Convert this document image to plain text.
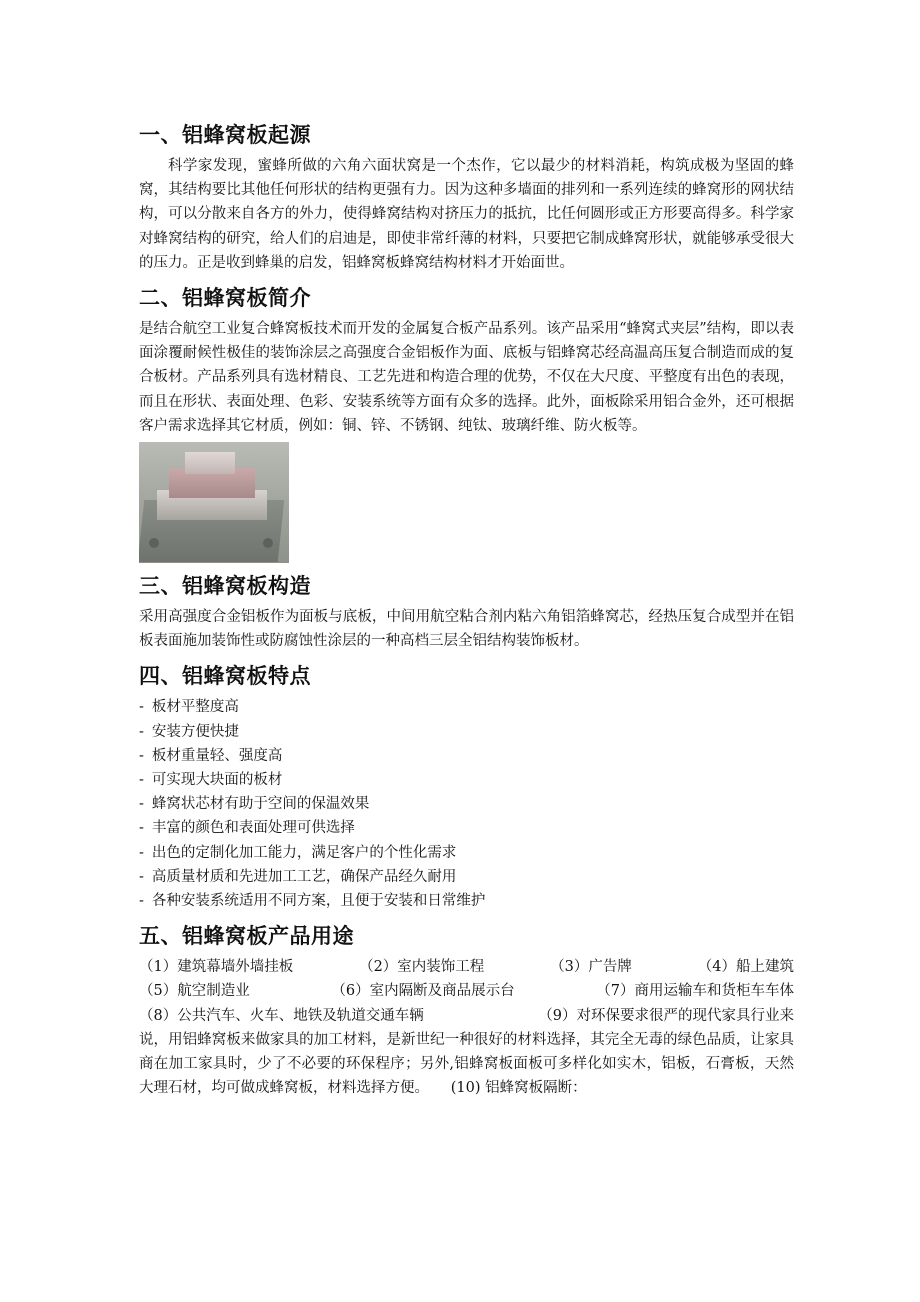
一、铝蜂窝板起源

科学家发现，蜜蜂所做的六角六面状窝是一个杰作，它以最少的材料消耗，构筑成极为坚固的蜂窝，其结构要比其他任何形状的结构更强有力。因为这种多墙面的排列和一系列连续的蜂窝形的网状结构，可以分散来自各方的外力，使得蜂窝结构对挤压力的抵抗，比任何圆形或正方形要高得多。科学家对蜂窝结构的研究，给人们的启迪是，即使非常纤薄的材料，只要把它制成蜂窝形状，就能够承受很大的压力。正是收到蜂巢的启发，铝蜂窝板蜂窝结构材料才开始面世。

二、铝蜂窝板简介

是结合航空工业复合蜂窝板技术而开发的金属复合板产品系列。该产品采用“蜂窝式夹层”结构，即以表面涂覆耐候性极佳的装饰涂层之高强度合金铝板作为面、底板与铝蜂窝芯经高温高压复合制造而成的复合板材。产品系列具有选材精良、工艺先进和构造合理的优势，不仅在大尺度、平整度有出色的表现，而且在形状、表面处理、色彩、安装系统等方面有众多的选择。此外，面板除采用铝合金外，还可根据客户需求选择其它材质，例如：铜、锌、不锈钢、纯钛、玻璃纤维、防火板等。

三、铝蜂窝板构造

采用高强度合金铝板作为面板与底板，中间用航空粘合剂内粘六角铝箔蜂窝芯，经热压复合成型并在铝板表面施加装饰性或防腐蚀性涂层的一种高档三层全铝结构装饰板材。

四、铝蜂窝板特点
- 板材平整度高
- 安装方便快捷
- 板材重量轻、强度高
- 可实现大块面的板材
- 蜂窝状芯材有助于空间的保温效果
- 丰富的颜色和表面处理可供选择
- 出色的定制化加工能力，满足客户的个性化需求
- 高质量材质和先进加工工艺，确保产品经久耐用
- 各种安装系统适用不同方案，且便于安装和日常维护
五、铝蜂窝板产品用途
（1）建筑幕墙外墙挂板	（2）室内装饰工程	（3）广告牌	（4）船上建筑
（5）航空制造业	（6）室内隔断及商品展示台	（7）商用运输车和货柜车车体
（8）公共汽车、火车、地铁及轨道交通车辆	（9）对环保要求很严的现代家具行业来

说，用铝蜂窝板来做家具的加工材料，是新世纪一种很好的材料选择，其完全无毒的绿色品质，让家具商在加工家具时，少了不必要的环保程序；另外,铝蜂窝板面板可多样化如实木，铝板，石膏板，天然大理石材，均可做成蜂窝板，材料选择方便。　　(10) 铝蜂窝板隔断：
